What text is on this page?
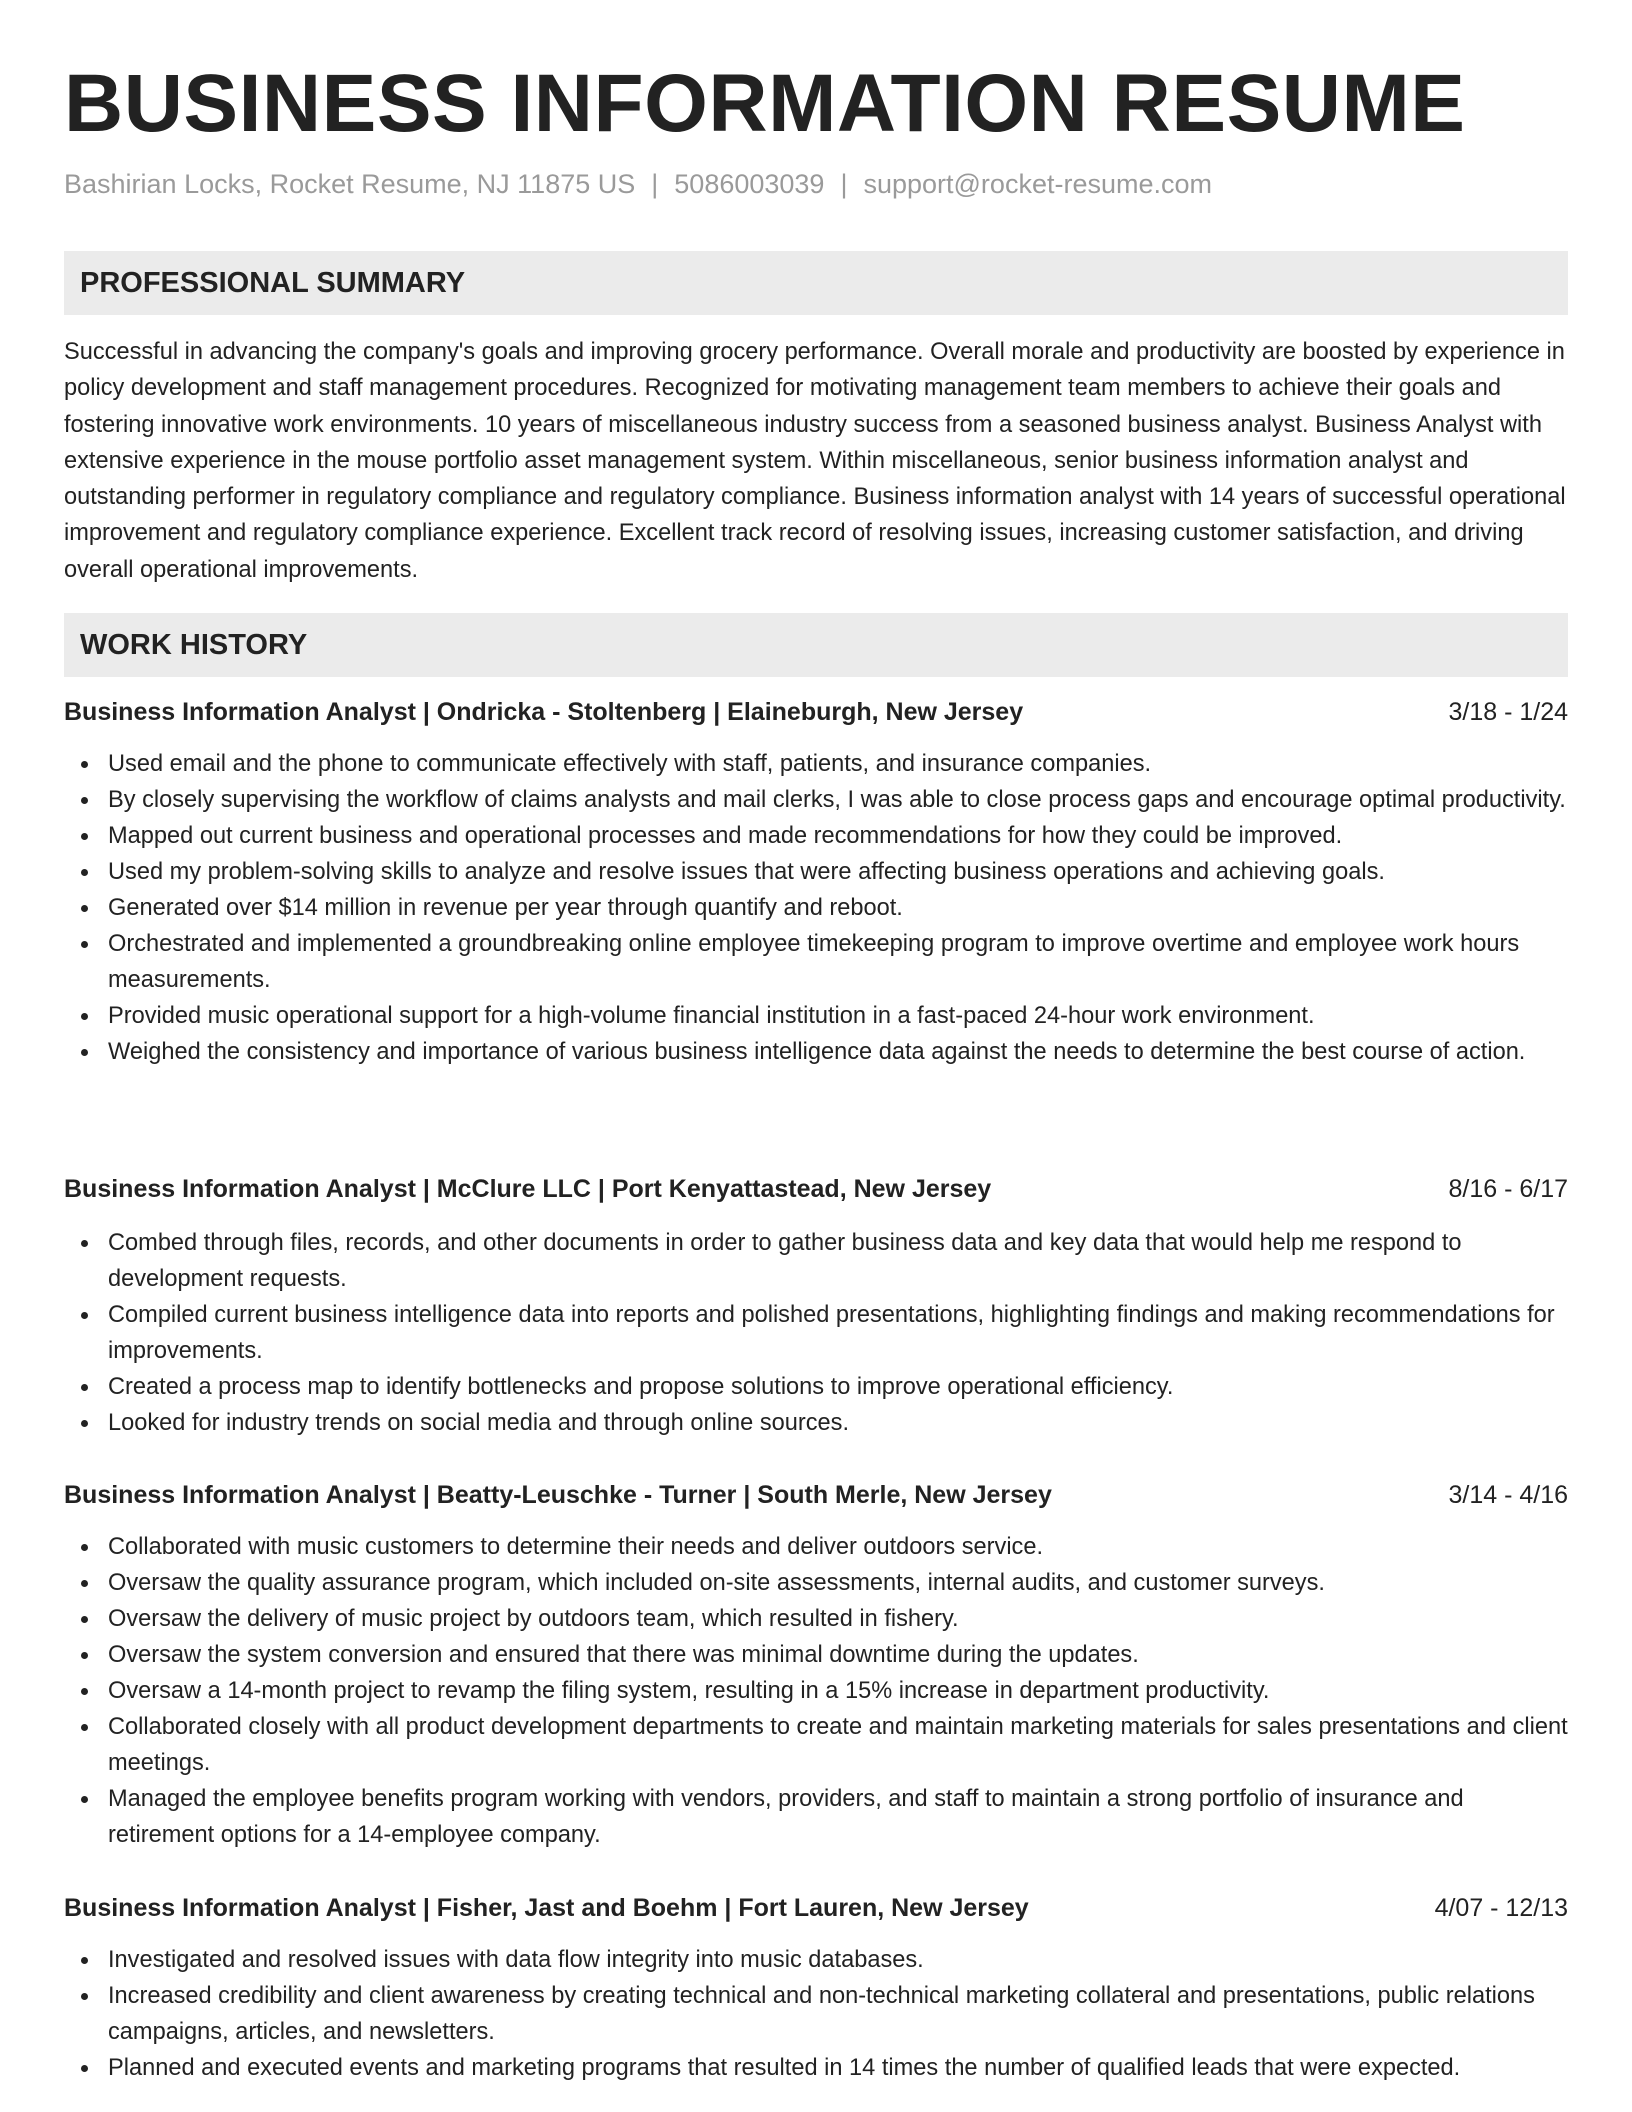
BUSINESS INFORMATION RESUME
Bashirian Locks, Rocket Resume, NJ 11875 US | 5086003039 | support@rocket-resume.com
PROFESSIONAL SUMMARY

Successful in advancing the company's goals and improving grocery performance. Overall morale and productivity are boosted by experience in policy development and staff management procedures. Recognized for motivating management team members to achieve their goals and fostering innovative work environments. 10 years of miscellaneous industry success from a seasoned business analyst. Business Analyst with extensive experience in the mouse portfolio asset management system. Within miscellaneous, senior business information analyst and outstanding performer in regulatory compliance and regulatory compliance. Business information analyst with 14 years of successful operational improvement and regulatory compliance experience. Excellent track record of resolving issues, increasing customer satisfaction, and driving overall operational improvements.

WORK HISTORY
Business Information Analyst | Ondricka - Stoltenberg | Elaineburgh, New Jersey	3/18 - 1/24
Used email and the phone to communicate effectively with staff, patients, and insurance companies.
By closely supervising the workflow of claims analysts and mail clerks, I was able to close process gaps and encourage optimal productivity.
Mapped out current business and operational processes and made recommendations for how they could be improved.
Used my problem-solving skills to analyze and resolve issues that were affecting business operations and achieving goals.
Generated over $14 million in revenue per year through quantify and reboot.
Orchestrated and implemented a groundbreaking online employee timekeeping program to improve overtime and employee work hours measurements.
Provided music operational support for a high-volume financial institution in a fast-paced 24-hour work environment.
Weighed the consistency and importance of various business intelligence data against the needs to determine the best course of action.
Business Information Analyst | McClure LLC | Port Kenyattastead, New Jersey	8/16 - 6/17
Combed through files, records, and other documents in order to gather business data and key data that would help me respond to development requests.
Compiled current business intelligence data into reports and polished presentations, highlighting findings and making recommendations for improvements.
Created a process map to identify bottlenecks and propose solutions to improve operational efficiency.
Looked for industry trends on social media and through online sources.
Business Information Analyst | Beatty-Leuschke - Turner | South Merle, New Jersey	3/14 - 4/16
Collaborated with music customers to determine their needs and deliver outdoors service.
Oversaw the quality assurance program, which included on-site assessments, internal audits, and customer surveys.
Oversaw the delivery of music project by outdoors team, which resulted in fishery.
Oversaw the system conversion and ensured that there was minimal downtime during the updates.
Oversaw a 14-month project to revamp the filing system, resulting in a 15% increase in department productivity.
Collaborated closely with all product development departments to create and maintain marketing materials for sales presentations and client meetings.
Managed the employee benefits program working with vendors, providers, and staff to maintain a strong portfolio of insurance and retirement options for a 14-employee company.
Business Information Analyst | Fisher, Jast and Boehm | Fort Lauren, New Jersey	4/07 - 12/13
Investigated and resolved issues with data flow integrity into music databases.
Increased credibility and client awareness by creating technical and non-technical marketing collateral and presentations, public relations campaigns, articles, and newsletters.
Planned and executed events and marketing programs that resulted in 14 times the number of qualified leads that were expected.
